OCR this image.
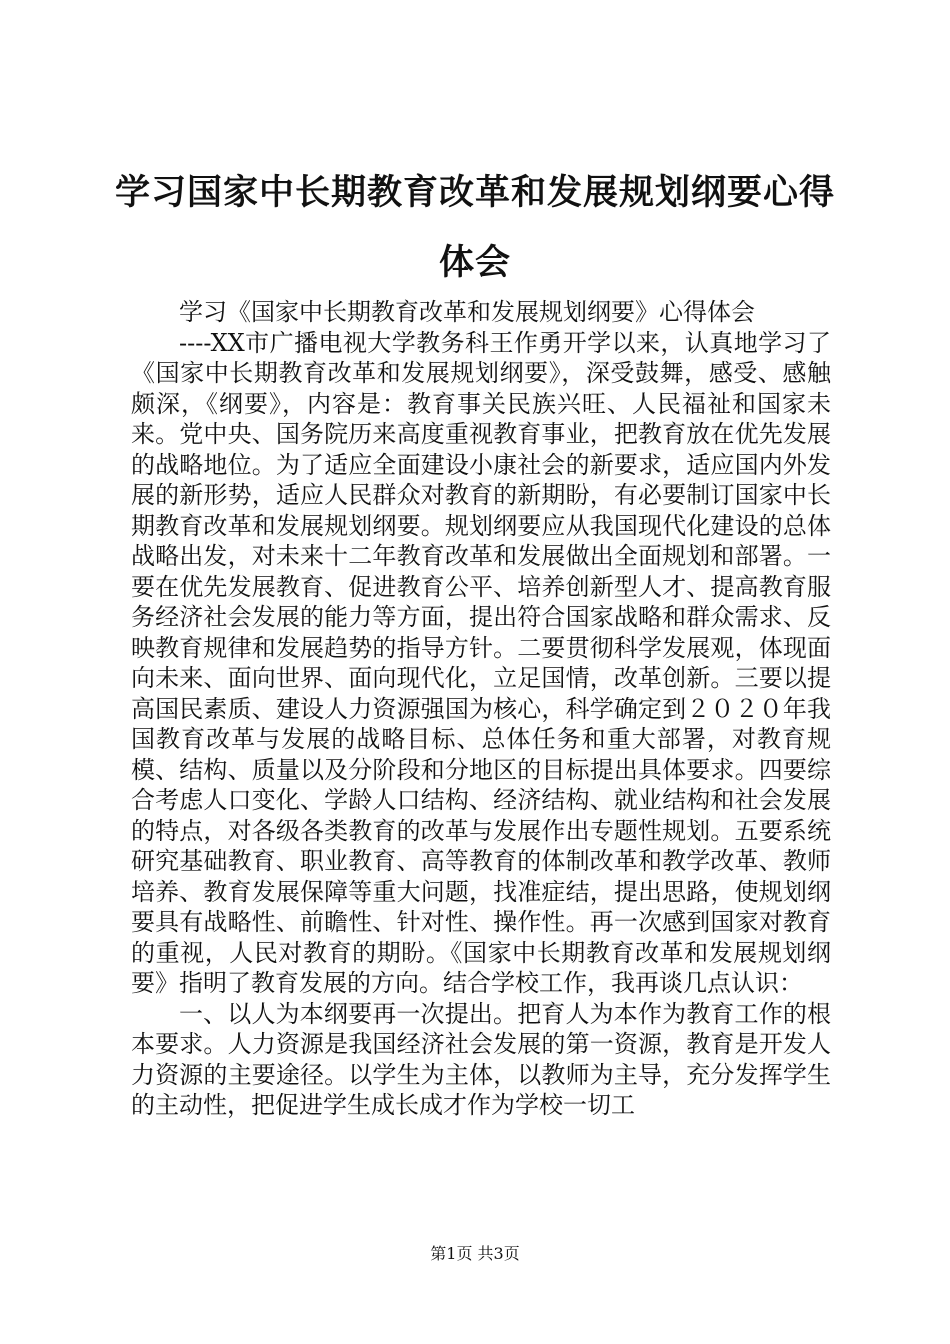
学习国家中长期教育改革和发展规划纲要心得体会

学习《国家中长期教育改革和发展规划纲要》心得体会

----XX市广播电视大学教务科王作勇开学以来，认真地学习了《国家中长期教育改革和发展规划纲要》，深受鼓舞，感受、感触颇深，《纲要》，内容是：教育事关民族兴旺、人民福祉和国家未来。党中央、国务院历来高度重视教育事业，把教育放在优先发展的战略地位。为了适应全面建设小康社会的新要求，适应国内外发展的新形势，适应人民群众对教育的新期盼，有必要制订国家中长期教育改革和发展规划纲要。规划纲要应从我国现代化建设的总体战略出发，对未来十二年教育改革和发展做出全面规划和部署。一要在优先发展教育、促进教育公平、培养创新型人才、提高教育服务经济社会发展的能力等方面，提出符合国家战略和群众需求、反映教育规律和发展趋势的指导方针。二要贯彻科学发展观，体现面向未来、面向世界、面向现代化，立足国情，改革创新。三要以提高国民素质、建设人力资源强国为核心，科学确定到２０２０年我国教育改革与发展的战略目标、总体任务和重大部署，对教育规模、结构、质量以及分阶段和分地区的目标提出具体要求。四要综合考虑人口变化、学龄人口结构、经济结构、就业结构和社会发展的特点，对各级各类教育的改革与发展作出专题性规划。五要系统研究基础教育、职业教育、高等教育的体制改革和教学改革、教师培养、教育发展保障等重大问题，找准症结，提出思路，使规划纲要具有战略性、前瞻性、针对性、操作性。再一次感到国家对教育的重视，人民对教育的期盼。《国家中长期教育改革和发展规划纲要》指明了教育发展的方向。结合学校工作，我再谈几点认识：

一、以人为本纲要再一次提出。把育人为本作为教育工作的根本要求。人力资源是我国经济社会发展的第一资源，教育是开发人力资源的主要途径。以学生为主体，以教师为主导，充分发挥学生的主动性，把促进学生成长成才作为学校一切工

第1页 共3页
